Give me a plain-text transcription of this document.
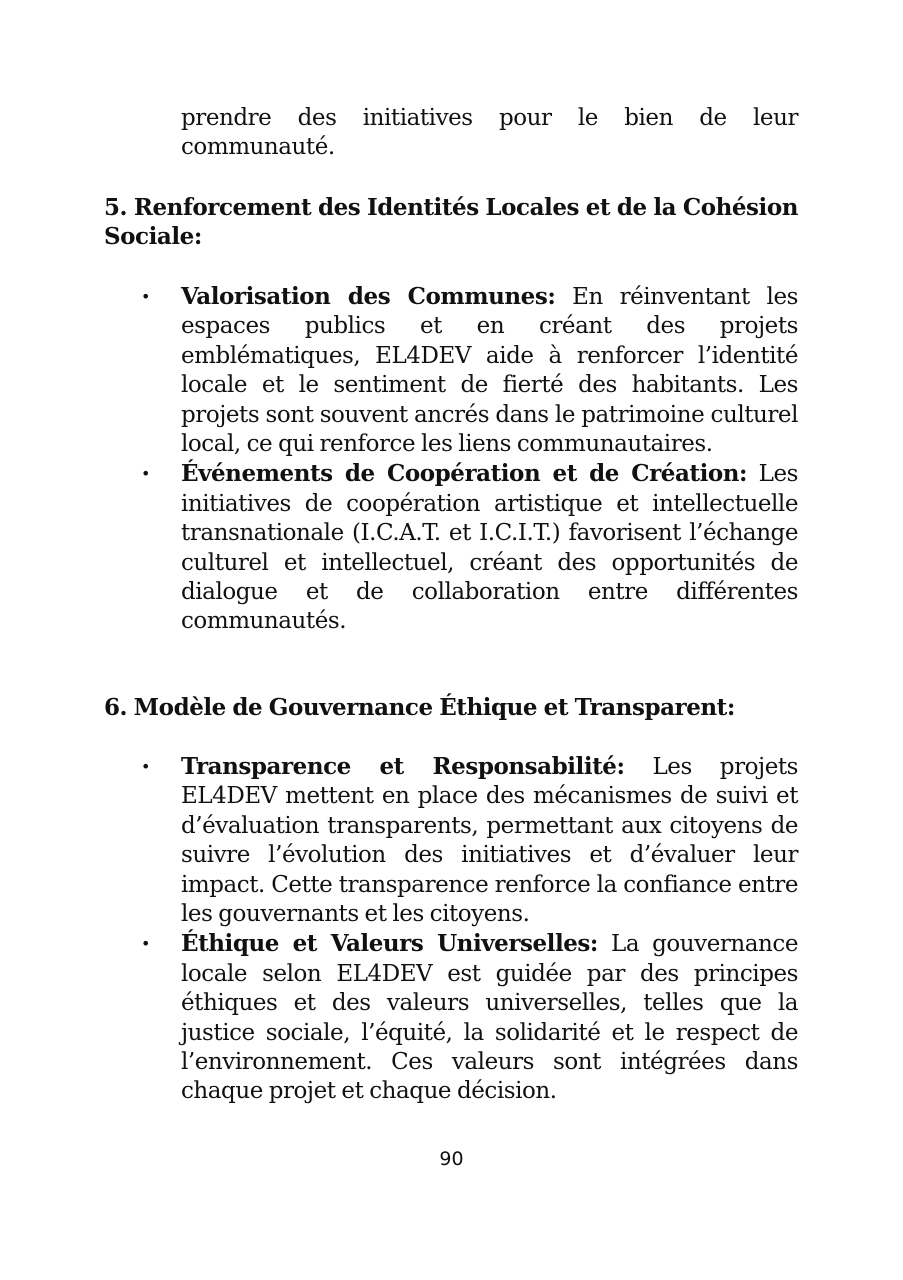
prendre des initiatives pour le bien de leur communauté.
5. Renforcement des Identités Locales et de la Cohésion Sociale:
• Valorisation des Communes: En réinventant les espaces publics et en créant des projets emblématiques, EL4DEV aide à renforcer l’identité locale et le sentiment de fierté des habitants. Les projets sont souvent ancrés dans le patrimoine culturel local, ce qui renforce les liens communautaires.
• Événements de Coopération et de Création: Les initiatives de coopération artistique et intellectuelle transnationale (I.C.A.T. et I.C.I.T.) favorisent l’échange culturel et intellectuel, créant des opportunités de dialogue et de collaboration entre différentes communautés.
6. Modèle de Gouvernance Éthique et Transparent:
• Transparence et Responsabilité: Les projets EL4DEV mettent en place des mécanismes de suivi et d’évaluation transparents, permettant aux citoyens de suivre l’évolution des initiatives et d’évaluer leur impact. Cette transparence renforce la confiance entre les gouvernants et les citoyens.
• Éthique et Valeurs Universelles: La gouvernance locale selon EL4DEV est guidée par des principes éthiques et des valeurs universelles, telles que la justice sociale, l’équité, la solidarité et le respect de l’environnement. Ces valeurs sont intégrées dans chaque projet et chaque décision.
90
